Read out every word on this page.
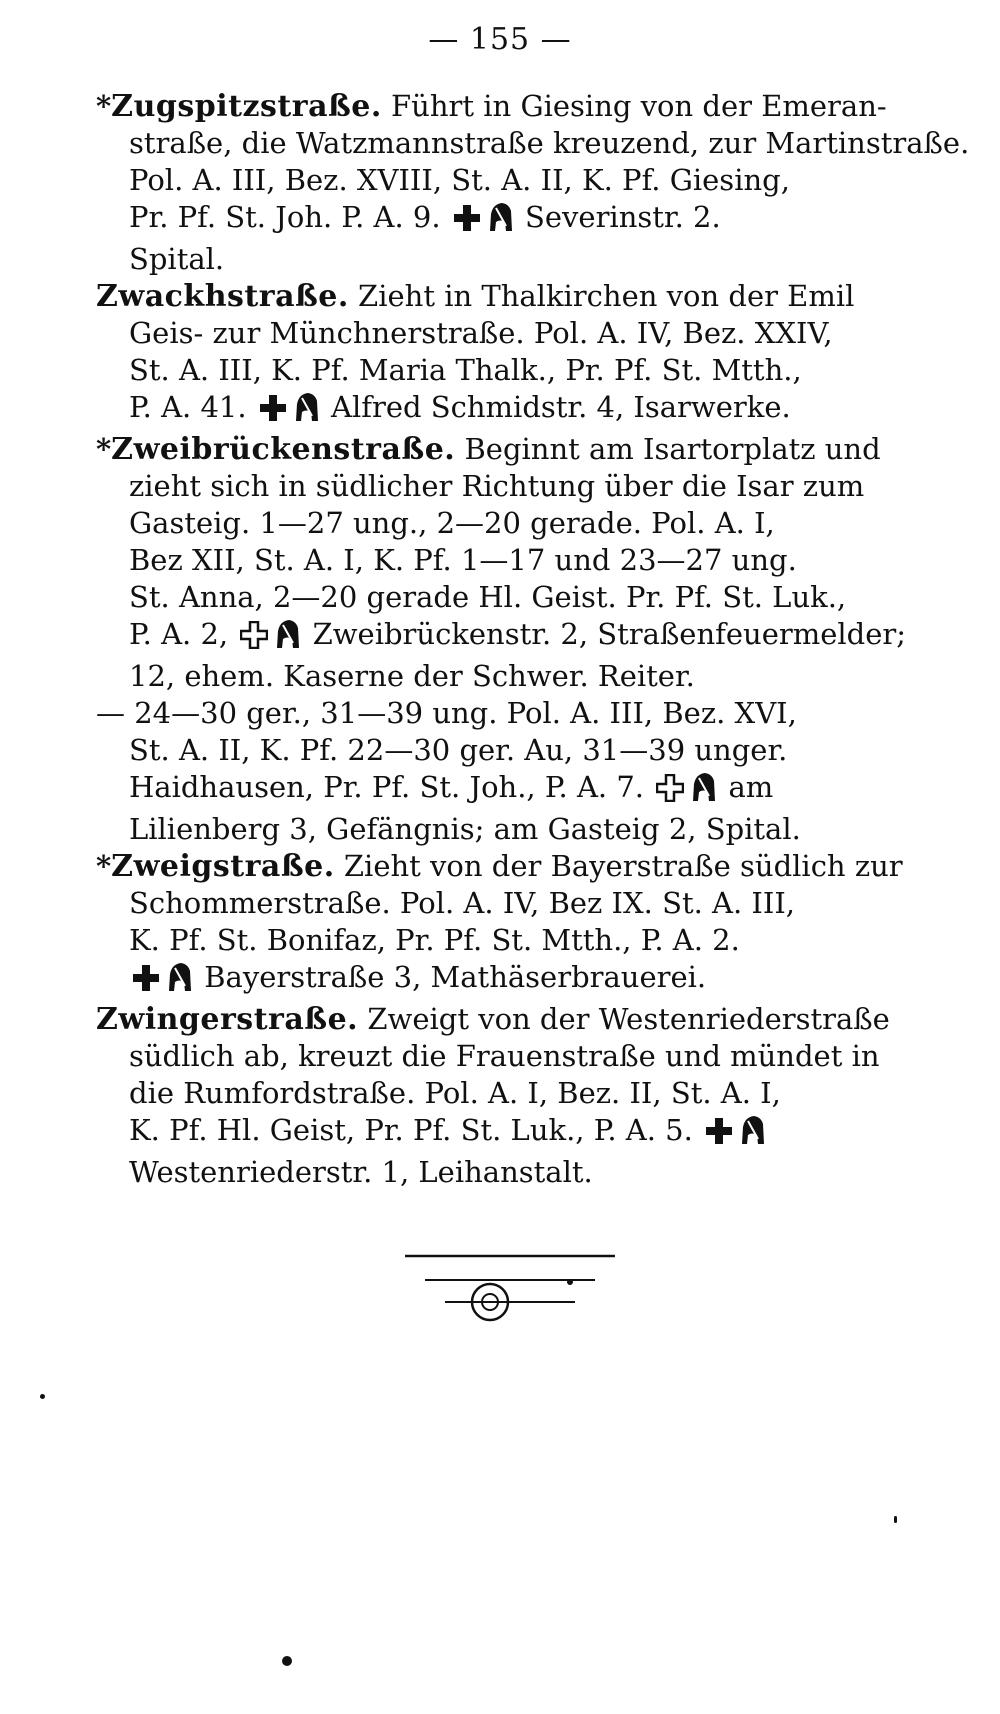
— 155 —

*Zugspitzstraße. Führt in Giesing von der Emeran-
straße, die Watzmannstraße kreuzend, zur Martinstraße.
Pol. A. III, Bez. XVIII, St. A. II, K. Pf. Giesing,
Pr. Pf. St. Joh. P. A. 9.	Severinstr. 2.
Spital.

Zwackhstraße. Zieht in Thalkirchen von der Emil
Geis- zur Münchnerstraße. Pol. A. IV, Bez. XXIV,
St. A. III, K. Pf. Maria Thalk., Pr. Pf. St. Mtth.,
P. A. 41.	Alfred Schmidstr. 4, Isarwerke.

*Zweibrückenstraße. Beginnt am Isartorplatz und
zieht sich in südlicher Richtung über die Isar zum
Gasteig. 1—27 ung., 2—20 gerade. Pol. A. I,
Bez XII, St. A. I, K. Pf. 1—17 und 23—27 ung.
St. Anna, 2—20 gerade Hl. Geist. Pr. Pf. St. Luk.,
P. A. 2,	Zweibrückenstr. 2, Straßenfeuermelder;
12, ehem. Kaserne der Schwer. Reiter.

— 24—30 ger., 31—39 ung. Pol. A. III, Bez. XVI,
St. A. II, K. Pf. 22—30 ger. Au, 31—39 unger.
Haidhausen, Pr. Pf. St. Joh., P. A. 7.	am
Lilienberg 3, Gefängnis; am Gasteig 2, Spital.

*Zweigstraße. Zieht von der Bayerstraße südlich zur
Schommerstraße. Pol. A. IV, Bez IX. St. A. III,
K. Pf. St. Bonifaz, Pr. Pf. St. Mtth., P. A. 2.
Bayerstraße 3, Mathäserbrauerei.

Zwingerstraße. Zweigt von der Westenriederstraße
südlich ab, kreuzt die Frauenstraße und mündet in
die Rumfordstraße. Pol. A. I, Bez. II, St. A. I,
K. Pf. Hl. Geist, Pr. Pf. St. Luk., P. A. 5.
Westenriederstr. 1, Leihanstalt.
